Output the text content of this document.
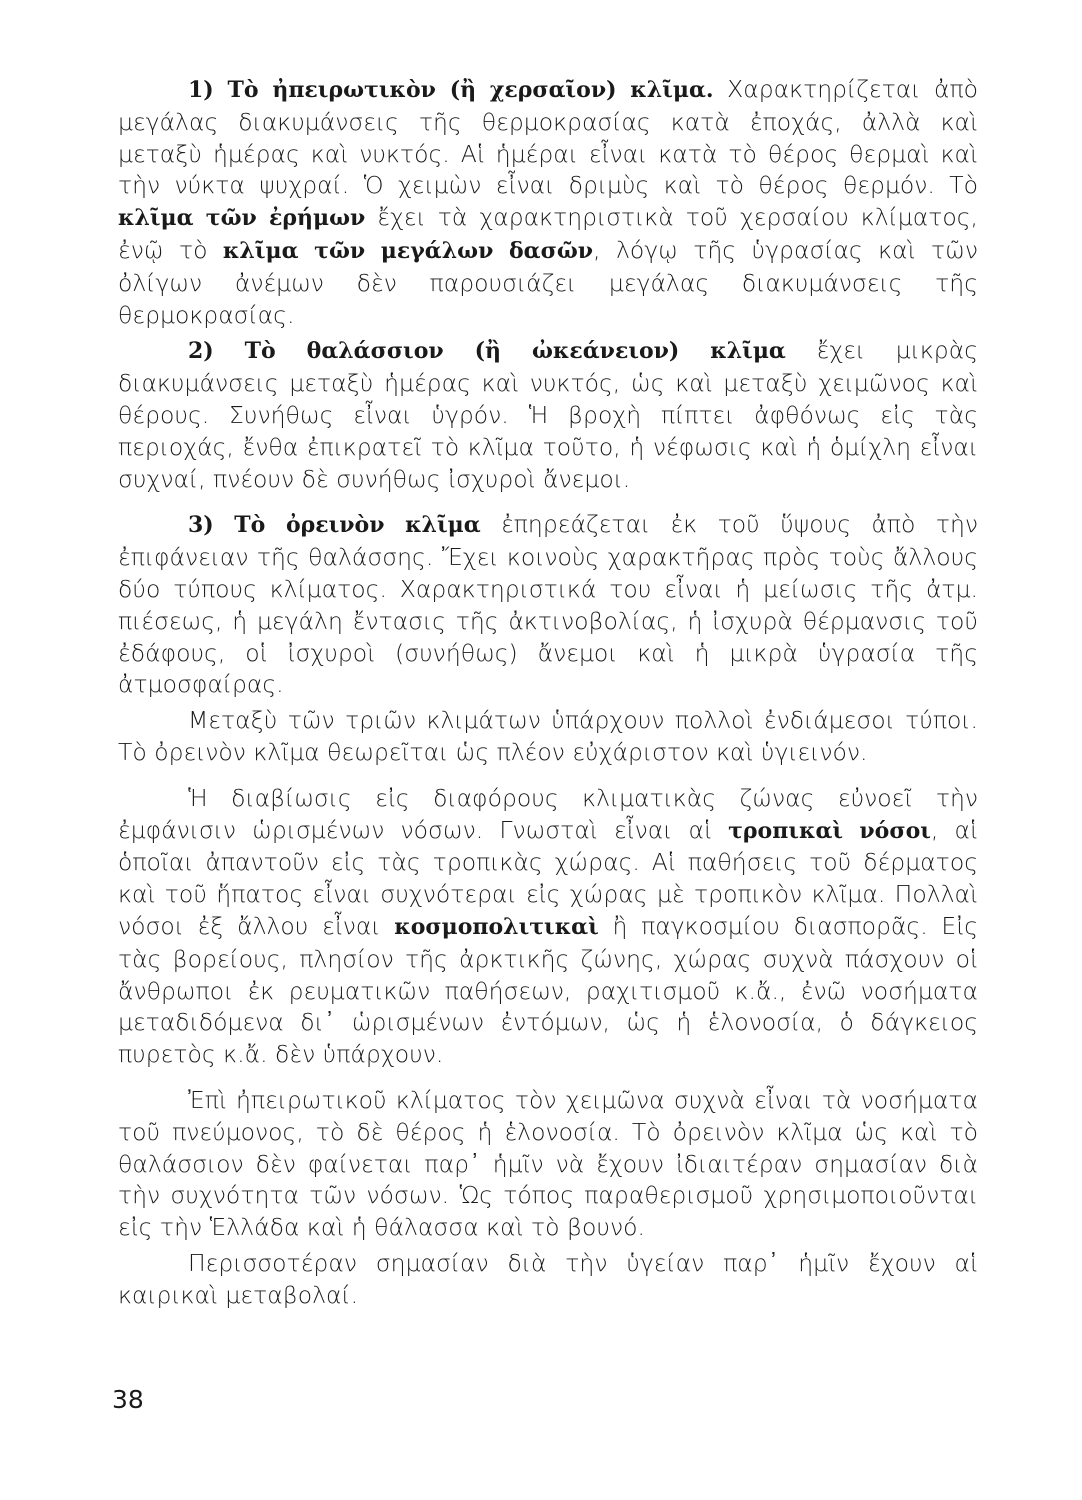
1) Τὸ ἠπειρωτικὸν (ἢ χερσαῖον) κλῖμα. Χαρακτηρίζεται ἀπὸ μεγάλας διακυμάνσεις τῆς θερμοκρασίας κατὰ ἐποχάς, ἀλλὰ καὶ μεταξὺ ἡμέρας καὶ νυκτός. Αἱ ἡμέραι εἶναι κατὰ τὸ θέρος θερμαὶ καὶ τὴν νύκτα ψυχραί. Ὁ χειμὼν εἶναι δριμὺς καὶ τὸ θέρος θερμόν. Τὸ κλῖμα τῶν ἐρήμων ἔχει τὰ χαρακτηριστικὰ τοῦ χερσαίου κλίματος, ἐνῷ τὸ κλῖμα τῶν μεγάλων δασῶν, λόγῳ τῆς ὑγρασίας καὶ τῶν ὀλίγων ἀνέμων δὲν παρουσιάζει μεγάλας διακυμάνσεις τῆς θερμοκρασίας.

2) Τὸ θαλάσσιον (ἢ ὠκεάνειον) κλῖμα ἔχει μικρὰς διακυμάνσεις μεταξὺ ἡμέρας καὶ νυκτός, ὡς καὶ μεταξὺ χειμῶνος καὶ θέρους. Συνήθως εἶναι ὑγρόν. Ἡ βροχὴ πίπτει ἀφθόνως εἰς τὰς περιοχάς, ἔνθα ἐπικρατεῖ τὸ κλῖμα τοῦτο, ἡ νέφωσις καὶ ἡ ὁμίχλη εἶναι συχναί, πνέουν δὲ συνήθως ἰσχυροὶ ἄνεμοι.

3) Τὸ ὀρεινὸν κλῖμα ἐπηρεάζεται ἐκ τοῦ ὕψους ἀπὸ τὴν ἐπιφάνειαν τῆς θαλάσσης. Ἔχει κοινοὺς χαρακτῆρας πρὸς τοὺς ἄλλους δύο τύπους κλίματος. Χαρακτηριστικά του εἶναι ἡ μείωσις τῆς ἀτμ. πιέσεως, ἡ μεγάλη ἔντασις τῆς ἀκτινοβολίας, ἡ ἰσχυρὰ θέρμανσις τοῦ ἐδάφους, οἱ ἰσχυροὶ (συνήθως) ἄνεμοι καὶ ἡ μικρὰ ὑγρασία τῆς ἀτμοσφαίρας.

Μεταξὺ τῶν τριῶν κλιμάτων ὑπάρχουν πολλοὶ ἐνδιάμεσοι τύποι. Τὸ ὀρεινὸν κλῖμα θεωρεῖται ὡς πλέον εὐχάριστον καὶ ὑγιεινόν.

Ἡ διαβίωσις εἰς διαφόρους κλιματικὰς ζώνας εὐνοεῖ τὴν ἐμφάνισιν ὡρισμένων νόσων. Γνωσταὶ εἶναι αἱ τροπικαὶ νόσοι, αἱ ὁποῖαι ἀπαντοῦν εἰς τὰς τροπικὰς χώρας. Αἱ παθήσεις τοῦ δέρματος καὶ τοῦ ἥπατος εἶναι συχνότεραι εἰς χώρας μὲ τροπικὸν κλῖμα. Πολλαὶ νόσοι ἐξ ἄλλου εἶναι κοσμοπολιτικαὶ ἢ παγκοσμίου διασπορᾶς. Εἰς τὰς βορείους, πλησίον τῆς ἀρκτικῆς ζώνης, χώρας συχνὰ πάσχουν οἱ ἄνθρωποι ἐκ ρευματικῶν παθήσεων, ραχιτισμοῦ κ.ἄ., ἐνῶ νοσήματα μεταδιδόμενα δι᾽ ὡρισμένων ἐντόμων, ὡς ἡ ἑλονοσία, ὁ δάγκειος πυρετὸς κ.ἄ. δὲν ὑπάρχουν.

Ἐπὶ ἠπειρωτικοῦ κλίματος τὸν χειμῶνα συχνὰ εἶναι τὰ νοσήματα τοῦ πνεύμονος, τὸ δὲ θέρος ἡ ἑλονοσία. Τὸ ὀρεινὸν κλῖμα ὡς καὶ τὸ θαλάσσιον δὲν φαίνεται παρ᾽ ἡμῖν νὰ ἔχουν ἰδιαιτέραν σημασίαν διὰ τὴν συχνότητα τῶν νόσων. Ὡς τόπος παραθερισμοῦ χρησιμοποιοῦνται εἰς τὴν Ἑλλάδα καὶ ἡ θάλασσα καὶ τὸ βουνό.

Περισσοτέραν σημασίαν διὰ τὴν ὑγείαν παρ᾽ ἡμῖν ἔχουν αἱ καιρικαὶ μεταβολαί.

38
